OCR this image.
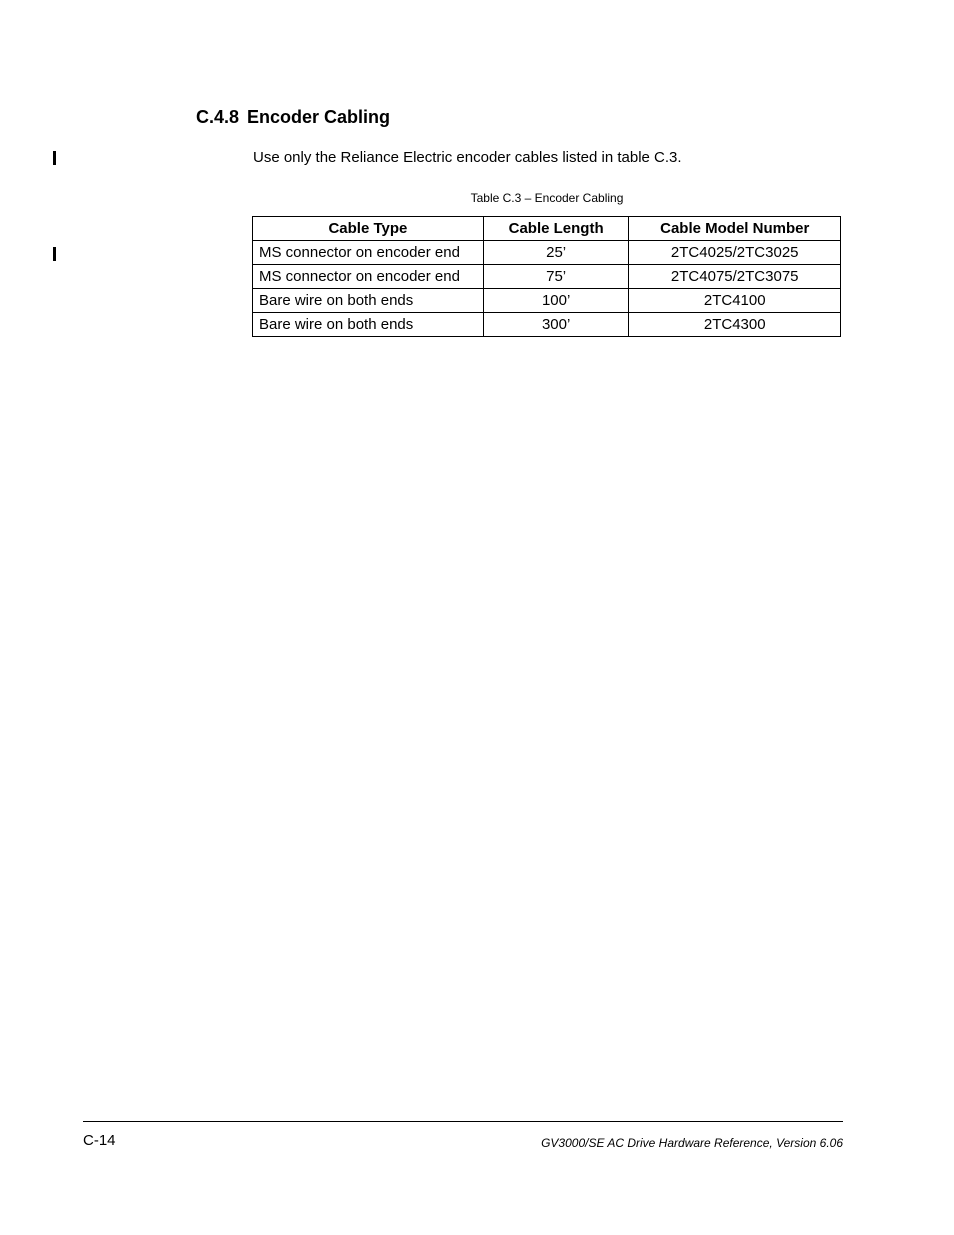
C.4.8 Encoder Cabling

Use only the Reliance Electric encoder cables listed in table C.3.

Table C.3 – Encoder Cabling

Cable Type	Cable Length	Cable Model Number
MS connector on encoder end	25’	2TC4025/2TC3025
MS connector on encoder end	75’	2TC4075/2TC3075
Bare wire on both ends	100’	2TC4100
Bare wire on both ends	300’	2TC4300
C-14	GV3000/SE AC Drive Hardware Reference, Version 6.06
